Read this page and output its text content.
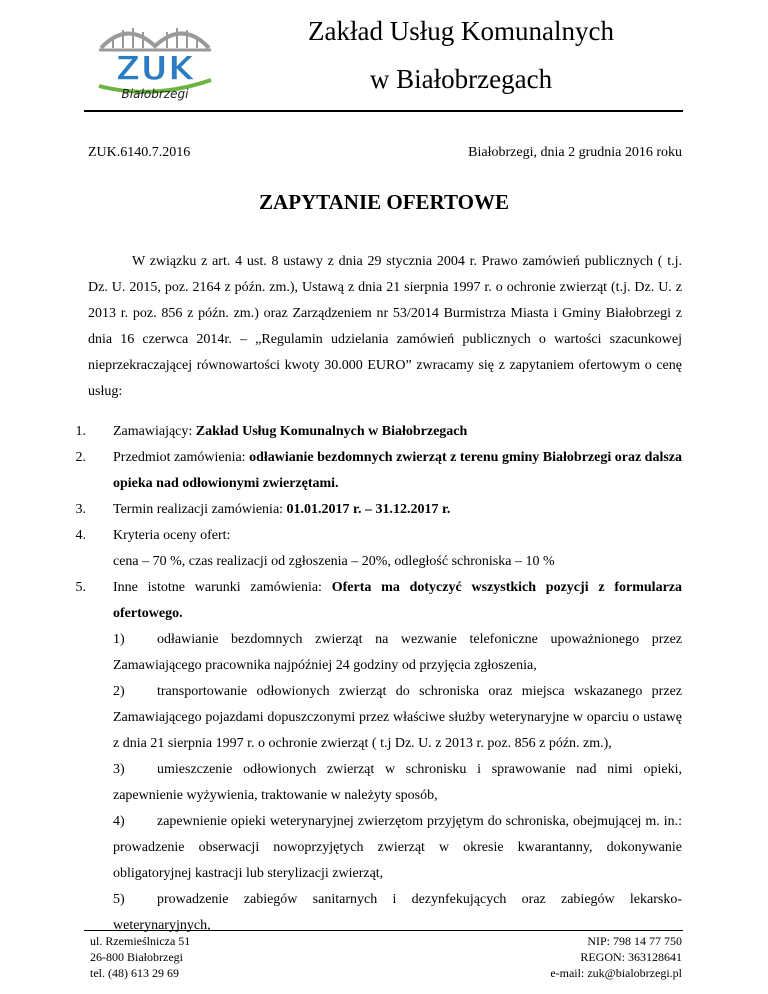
ZUK
Białobrzegi
Zakład Usług Komunalnych
w Białobrzegach
ZUK.6140.7.2016	Białobrzegi, dnia 2 grudnia 2016 roku
ZAPYTANIE OFERTOWE

W związku z art. 4 ust. 8 ustawy z dnia 29 stycznia 2004 r. Prawo zamówień publicznych ( t.j. Dz. U. 2015, poz. 2164 z późn. zm.), Ustawą z dnia 21 sierpnia 1997 r. o ochronie zwierząt (t.j. Dz. U. z 2013 r. poz. 856 z późn. zm.) oraz Zarządzeniem nr 53/2014 Burmistrza Miasta i Gminy Białobrzegi z dnia 16 czerwca 2014r. – „Regulamin udzielania zamówień publicznych o wartości szacunkowej nieprzekraczającej równowartości kwoty 30.000 EURO” zwracamy się z zapytaniem ofertowym o cenę usług:

1. Zamawiający: Zakład Usług Komunalnych w Białobrzegach
2. Przedmiot zamówienia: odławianie bezdomnych zwierząt z terenu gminy Białobrzegi oraz dalsza opieka nad odłowionymi zwierzętami.
3. Termin realizacji zamówienia: 01.01.2017 r. – 31.12.2017 r.
4. Kryteria oceny ofert:
cena – 70 %, czas realizacji od zgłoszenia – 20%, odległość schroniska – 10 %
5. Inne istotne warunki zamówienia: Oferta ma dotyczyć wszystkich pozycji z formularza ofertowego.

1) odławianie bezdomnych zwierząt na wezwanie telefoniczne upoważnionego przez Zamawiającego pracownika najpóźniej 24 godziny od przyjęcia zgłoszenia,

2) transportowanie odłowionych zwierząt do schroniska oraz miejsca wskazanego przez Zamawiającego pojazdami dopuszczonymi przez właściwe służby weterynaryjne w oparciu o ustawę z dnia 21 sierpnia 1997 r. o ochronie zwierząt ( t.j Dz. U. z 2013 r. poz. 856 z późn. zm.),

3) umieszczenie odłowionych zwierząt w schronisku i sprawowanie nad nimi opieki, zapewnienie wyżywienia, traktowanie w należyty sposób,

4) zapewnienie opieki weterynaryjnej zwierzętom przyjętym do schroniska, obejmującej m. in.: prowadzenie obserwacji nowoprzyjętych zwierząt w okresie kwarantanny, dokonywanie obligatoryjnej kastracji lub sterylizacji zwierząt,

5) prowadzenie zabiegów sanitarnych i dezynfekujących oraz zabiegów lekarsko-weterynaryjnych,

ul. Rzemieślnicza 51
26-800 Białobrzegi
tel. (48) 613 29 69
NIP: 798 14 77 750
REGON: 363128641
e-mail: zuk@bialobrzegi.pl
